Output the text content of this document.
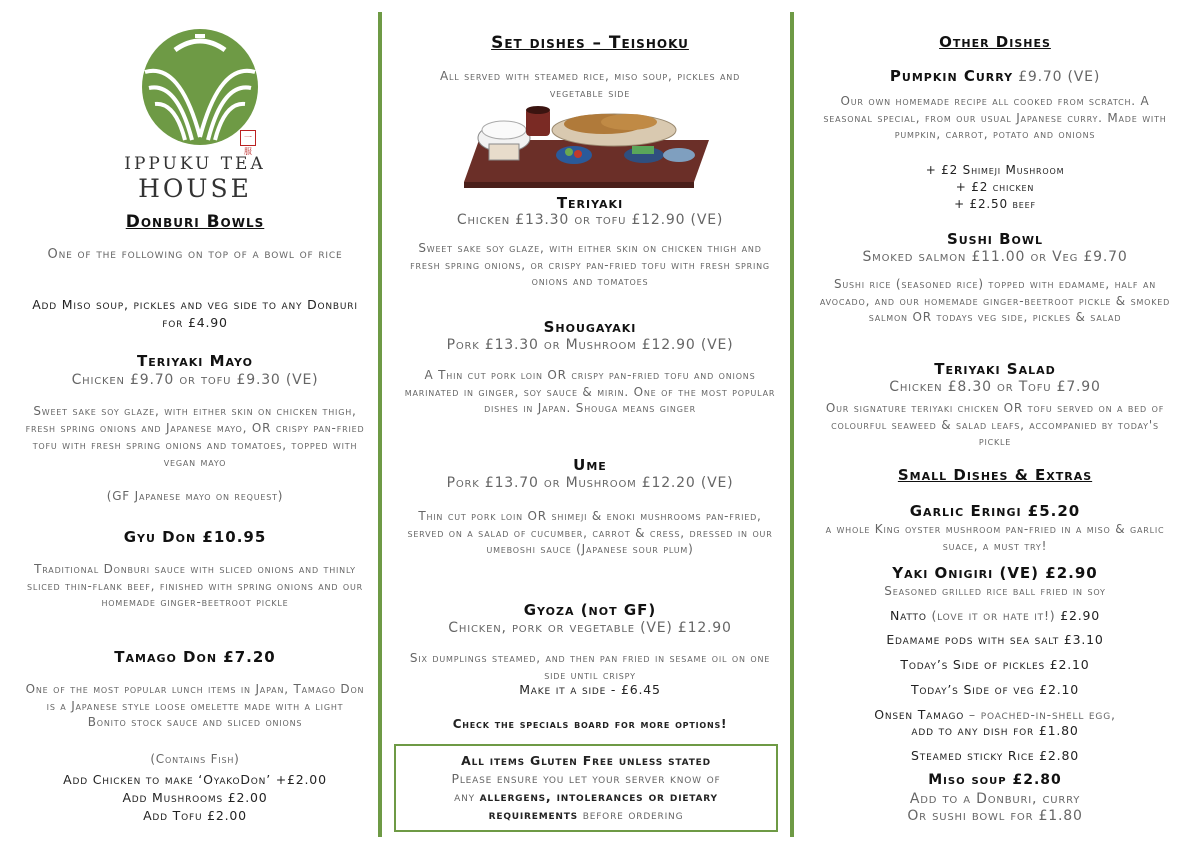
一服
IPPUKU TEA
HOUSE

Donburi Bowls

One of the following on top of a bowl of rice

Add Miso soup, pickles and veg side to any Donburi for £4.90

Teriyaki Mayo

Chicken £9.70 or tofu £9.30 (VE)

Sweet sake soy glaze, with either skin on chicken thigh, fresh spring onions and Japanese mayo, OR crispy pan-fried tofu with fresh spring onions and tomatoes, topped with vegan mayo

(GF Japanese mayo on request)

Gyu Don £10.95

Traditional Donburi sauce with sliced onions and thinly sliced thin-flank beef, finished with spring onions and our homemade ginger-beetroot pickle

Tamago Don £7.20

One of the most popular lunch items in Japan, Tamago Don is a Japanese style loose omelette made with a light Bonito stock sauce and sliced onions

(Contains Fish)

Add Chicken to make ‘OyakoDon’ +£2.00

Add Mushrooms £2.00

Add Tofu £2.00

Set dishes – Teishoku

All served with steamed rice, miso soup, pickles and vegetable side

Teriyaki

Chicken £13.30 or tofu £12.90 (VE)

Sweet sake soy glaze, with either skin on chicken thigh and fresh spring onions, or crispy pan-fried tofu with fresh spring onions and tomatoes

Shougayaki

Pork £13.30 or Mushroom £12.90 (VE)

A Thin cut pork loin OR crispy pan-fried tofu and onions marinated in ginger, soy sauce & mirin. One of the most popular dishes in Japan. Shouga means ginger

Ume

Pork £13.70 or Mushroom £12.20 (VE)

Thin cut pork loin OR shimeji & enoki mushrooms pan-fried, served on a salad of cucumber, carrot & cress, dressed in our umeboshi sauce (Japanese sour plum)

Gyoza (not GF)

Chicken, pork or vegetable (VE) £12.90

Six dumplings steamed, and then pan fried in sesame oil on one side until crispy

Make it a side - £6.45

Check the specials board for more options!

All items Gluten Free unless stated

Please ensure you let your server know of

any allergens, intolerances or dietary

requirements before ordering

Other Dishes

Pumpkin Curry £9.70 (VE)

Our own homemade recipe all cooked from scratch. A seasonal special, from our usual Japanese curry. Made with pumpkin, carrot, potato and onions

+ £2 Shimeji Mushroom

+ £2 chicken

+ £2.50 beef

Sushi Bowl

Smoked salmon £11.00 or Veg £9.70

Sushi rice (seasoned rice) topped with edamame, half an avocado, and our homemade ginger-beetroot pickle & smoked salmon OR todays veg side, pickles & salad

Teriyaki Salad

Chicken £8.30 or Tofu £7.90

Our signature teriyaki chicken OR tofu served on a bed of colourful seaweed & salad leafs, accompanied by today's pickle

Small Dishes & Extras

Garlic Eringi £5.20

a whole King oyster mushroom pan-fried in a miso & garlic suace, a must try!

Yaki Onigiri (VE) £2.90

Seasoned grilled rice ball fried in soy

Natto (love it or hate it!) £2.90

Edamame pods with sea salt £3.10

Today’s Side of pickles £2.10

Today’s Side of veg £2.10

Onsen Tamago – poached-in-shell egg,

add to any dish for £1.80

Steamed sticky Rice £2.80

Miso soup £2.80

Add to a Donburi, curry

Or sushi bowl for £1.80
